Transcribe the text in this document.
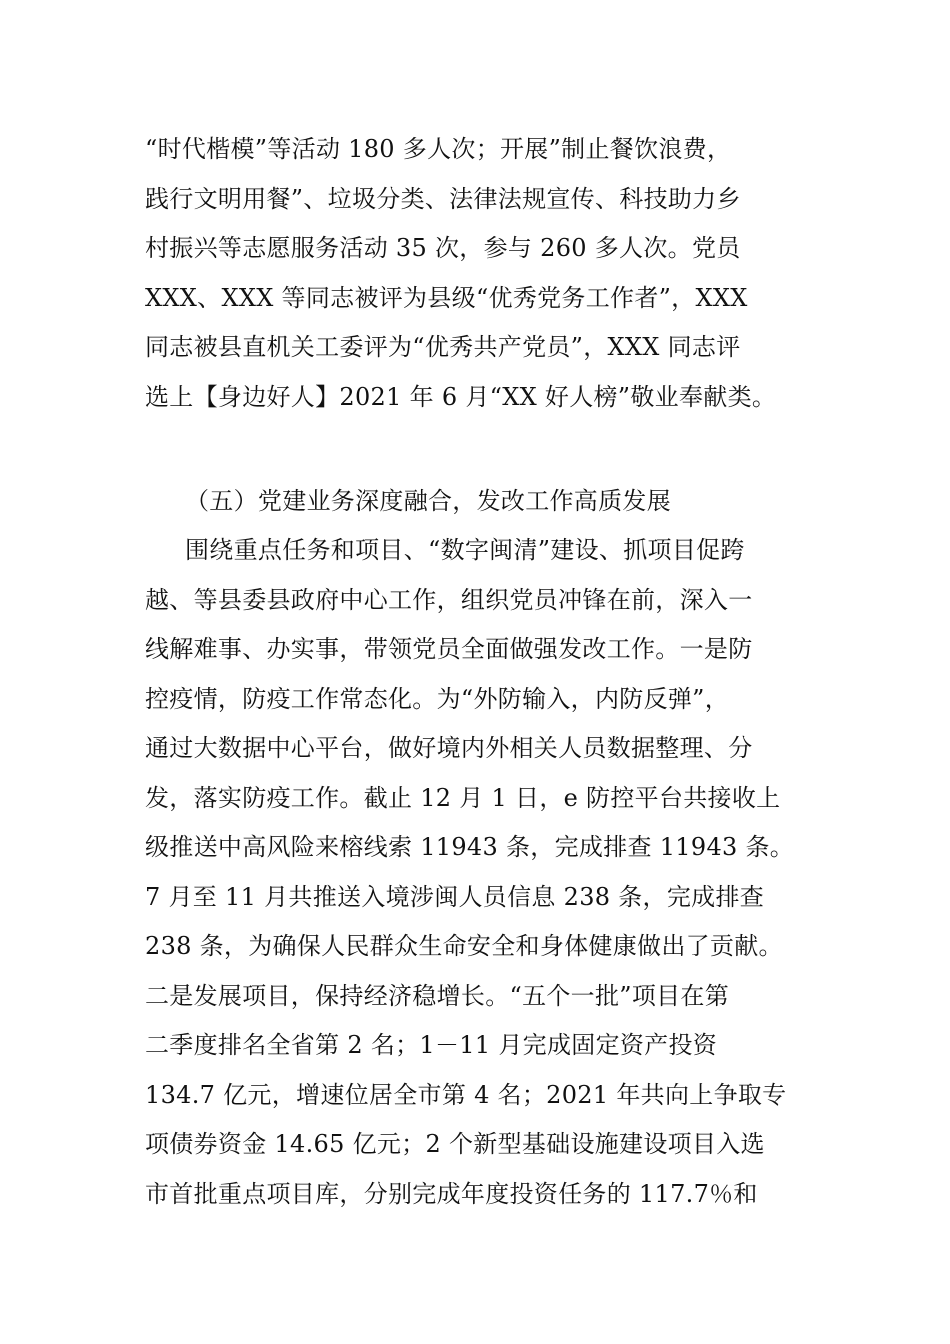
“时代楷模”等活动 180 多人次；开展”制止餐饮浪费，
践行文明用餐”、垃圾分类、法律法规宣传、科技助力乡
村振兴等志愿服务活动 35 次，参与 260 多人次。党员
XXX、XXX 等同志被评为县级“优秀党务工作者”，XXX
同志被县直机关工委评为“优秀共产党员”，XXX 同志评
选上【身边好人】2021 年 6 月“XX 好人榜”敬业奉献类。
（五）党建业务深度融合，发改工作高质发展
围绕重点任务和项目、“数字闽清”建设、抓项目促跨
越、等县委县政府中心工作，组织党员冲锋在前，深入一
线解难事、办实事，带领党员全面做强发改工作。一是防
控疫情，防疫工作常态化。为“外防输入，内防反弹”，
通过大数据中心平台，做好境内外相关人员数据整理、分
发，落实防疫工作。截止 12 月 1 日，e 防控平台共接收上
级推送中高风险来榕线索 11943 条，完成排查 11943 条。
7 月至 11 月共推送入境涉闽人员信息 238 条，完成排查
238 条，为确保人民群众生命安全和身体健康做出了贡献。
二是发展项目，保持经济稳增长。“五个一批”项目在第
二季度排名全省第 2 名；1－11 月完成固定资产投资
134.7 亿元，增速位居全市第 4 名；2021 年共向上争取专
项债券资金 14.65 亿元；2 个新型基础设施建设项目入选
市首批重点项目库，分别完成年度投资任务的 117.7％和
